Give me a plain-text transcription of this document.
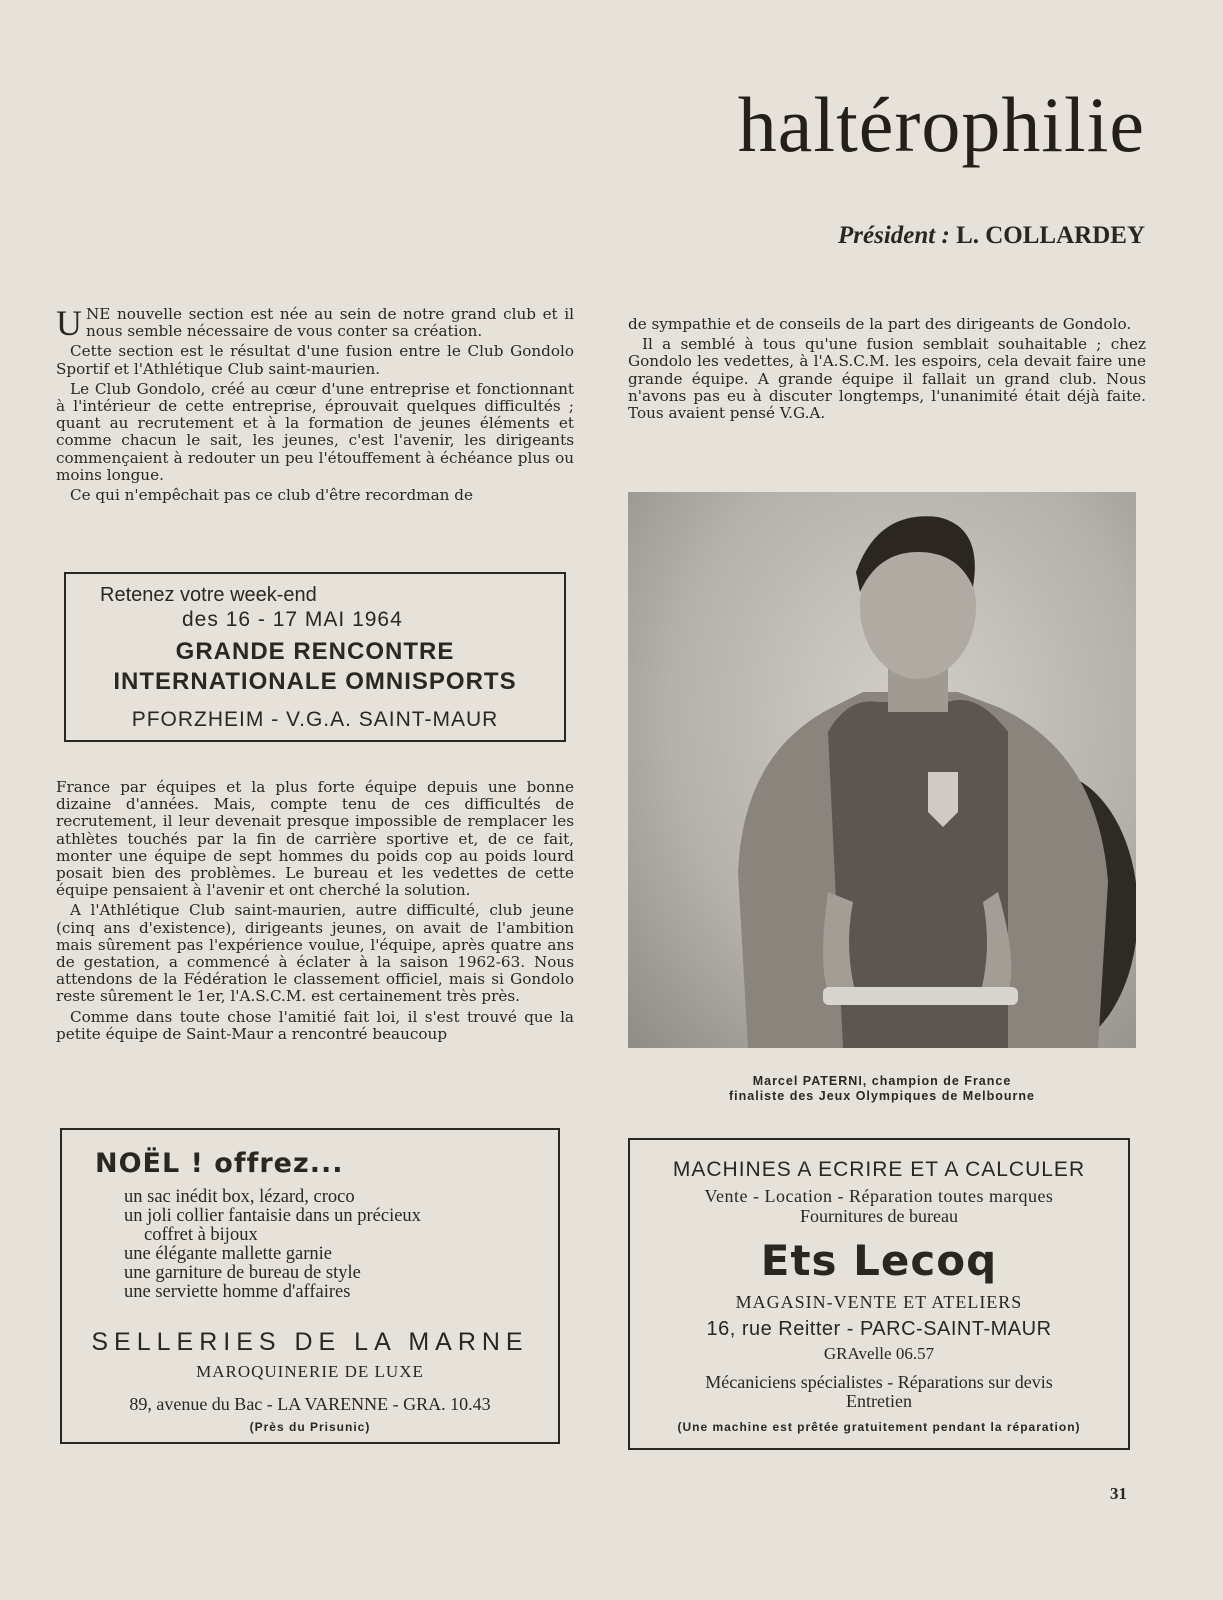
haltérophilie
Président : L. COLLARDEY

UNE nouvelle section est née au sein de notre grand club et il nous semble nécessaire de vous conter sa création.

Cette section est le résultat d'une fusion entre le Club Gondolo Sportif et l'Athlétique Club saint-maurien.

Le Club Gondolo, créé au cœur d'une entreprise et fonctionnant à l'intérieur de cette entreprise, éprouvait quelques difficultés ; quant au recrutement et à la formation de jeunes éléments et comme chacun le sait, les jeunes, c'est l'avenir, les dirigeants commençaient à redouter un peu l'étouffement à échéance plus ou moins longue.

Ce qui n'empêchait pas ce club d'être recordman de

Retenez votre week-end
des 16 - 17 MAI 1964
GRANDE RENCONTRE
INTERNATIONALE OMNISPORTS
PFORZHEIM - V.G.A. SAINT-MAUR

France par équipes et la plus forte équipe depuis une bonne dizaine d'années. Mais, compte tenu de ces difficultés de recrutement, il leur devenait presque impossible de remplacer les athlètes touchés par la fin de carrière sportive et, de ce fait, monter une équipe de sept hommes du poids cop au poids lourd posait bien des problèmes. Le bureau et les vedettes de cette équipe pensaient à l'avenir et ont cherché la solution.

A l'Athlétique Club saint-maurien, autre difficulté, club jeune (cinq ans d'existence), dirigeants jeunes, on avait de l'ambition mais sûrement pas l'expérience voulue, l'équipe, après quatre ans de gestation, a commencé à éclater à la saison 1962-63. Nous attendons de la Fédération le classement officiel, mais si Gondolo reste sûrement le 1er, l'A.S.C.M. est certainement très près.

Comme dans toute chose l'amitié fait loi, il s'est trouvé que la petite équipe de Saint-Maur a rencontré beaucoup

de sympathie et de conseils de la part des dirigeants de Gondolo.

Il a semblé à tous qu'une fusion semblait souhaitable ; chez Gondolo les vedettes, à l'A.S.C.M. les espoirs, cela devait faire une grande équipe. A grande équipe il fallait un grand club. Nous n'avons pas eu à discuter longtemps, l'unanimité était déjà faite. Tous avaient pensé V.G.A.

Marcel PATERNI, champion de France
finaliste des Jeux Olympiques de Melbourne
NOËL ! offrez...
un sac inédit box, lézard, croco
un joli collier fantaisie dans un précieux
coffret à bijoux
une élégante mallette garnie
une garniture de bureau de style
une serviette homme d'affaires
SELLERIES DE LA MARNE
MAROQUINERIE DE LUXE
89, avenue du Bac - LA VARENNE - GRA. 10.43
(Près du Prisunic)
MACHINES A ECRIRE ET A CALCULER
Vente - Location - Réparation toutes marques
Fournitures de bureau
Ets Lecoq
MAGASIN-VENTE ET ATELIERS
16, rue Reitter - PARC-SAINT-MAUR
GRAvelle 06.57
Mécaniciens spécialistes - Réparations sur devis
Entretien
(Une machine est prêtée gratuitement pendant la réparation)
31
